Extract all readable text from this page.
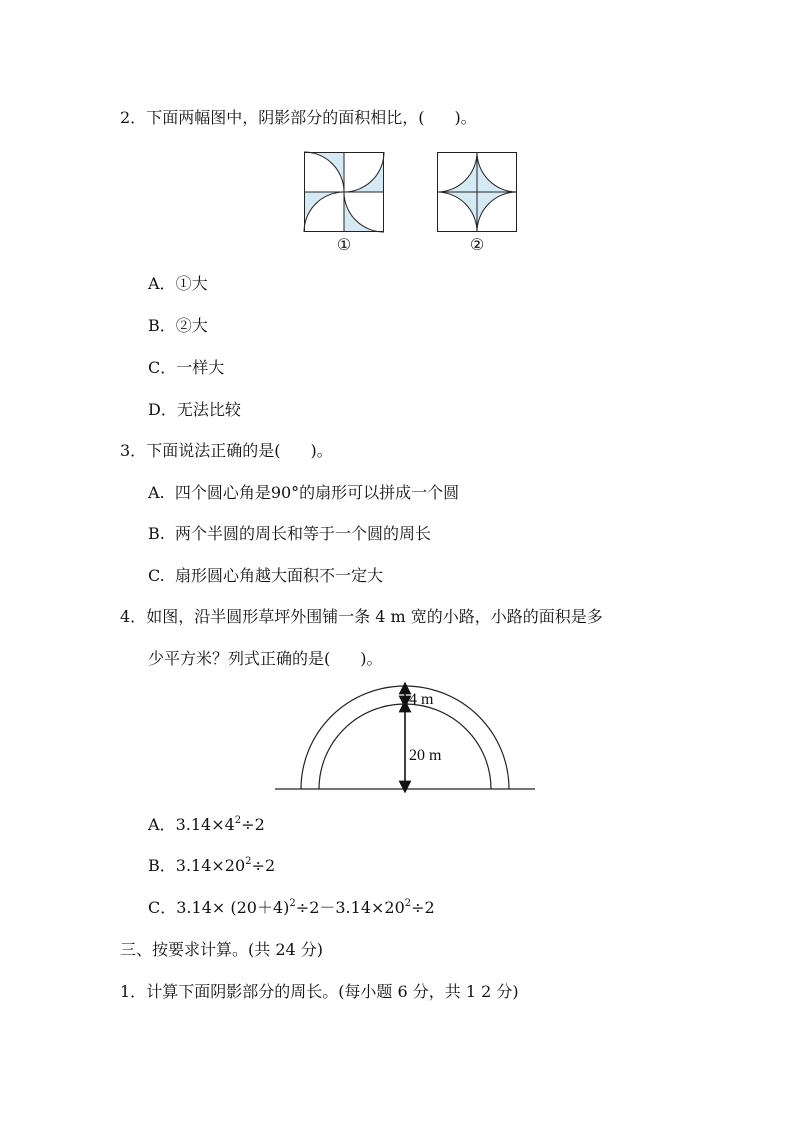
2．下面两幅图中，阴影部分的面积相比，( )。
①	②
A．①大
B．②大
C．一样大
D．无法比较
3．下面说法正确的是( )。
A. 四个圆心角是90°的扇形可以拼成一个圆
B. 两个半圆的周长和等于一个圆的周长
C. 扇形圆心角越大面积不一定大
4．如图，沿半圆形草坪外围铺一条 4 m 宽的小路，小路的面积是多
少平方米？列式正确的是( )。
4 m
20 m
A．$3.14\times 4^2\div 2$
B．$3.14\times 20^2\div 2$
C．$3.14\times (20+4)^2\div 2-3.14\times 20^2\div 2$
三、按要求计算。(共 24 分)
1．计算下面阴影部分的周长。(每小题 6 分，共 1 2 分)
